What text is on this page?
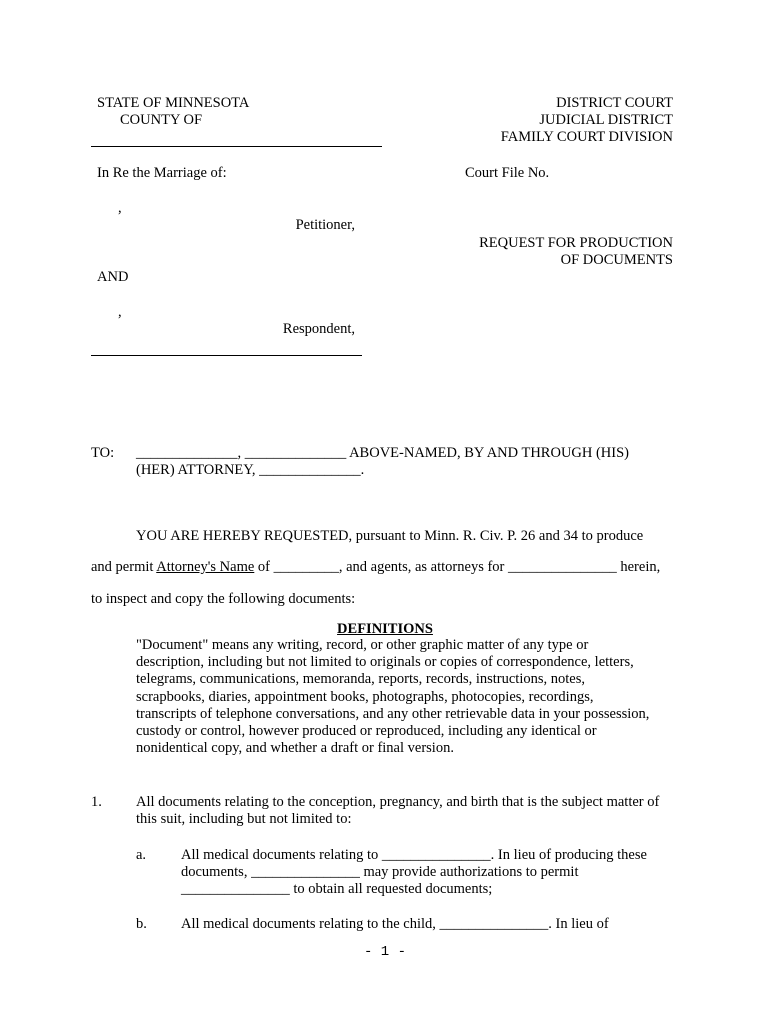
STATE OF MINNESOTA
COUNTY OF
DISTRICT COURT
JUDICIAL DISTRICT
FAMILY COURT DIVISION
In Re the Marriage of:	Court File No.
,
Petitioner,
REQUEST FOR PRODUCTION
OF DOCUMENTS
AND
,
Respondent,
TO: ______________, ______________ ABOVE-NAMED, BY AND THROUGH (HIS)
(HER) ATTORNEY, ______________.
YOU ARE HEREBY REQUESTED, pursuant to Minn. R. Civ. P. 26 and 34 to produce
and permit Attorney's Name of _________, and agents, as attorneys for _______________ herein,
to inspect and copy the following documents:
DEFINITIONS
"Document" means any writing, record, or other graphic matter of any type or description, including but not limited to originals or copies of correspondence, letters, telegrams, communications, memoranda, reports, records, instructions, notes, scrapbooks, diaries, appointment books, photographs, photocopies, recordings, transcripts of telephone conversations, and any other retrievable data in your possession, custody or control, however produced or reproduced, including any identical or nonidentical copy, and whether a draft or final version.
1. All documents relating to the conception, pregnancy, and birth that is the subject matter of
this suit, including but not limited to:
a. All medical documents relating to _______________. In lieu of producing these
documents, _______________ may provide authorizations to permit
_______________ to obtain all requested documents;
b. All medical documents relating to the child, _______________. In lieu of
- 1 -
